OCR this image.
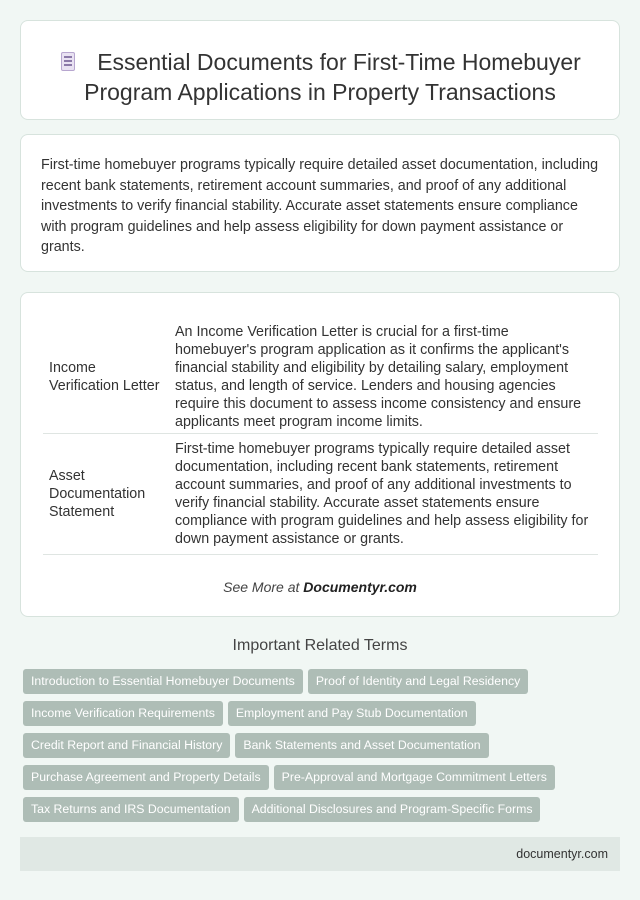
Essential Documents for First-Time Homebuyer Program Applications in Property Transactions

First-time homebuyer programs typically require detailed asset documentation, including recent bank statements, retirement account summaries, and proof of any additional investments to verify financial stability. Accurate asset statements ensure compliance with program guidelines and help assess eligibility for down payment assistance or grants.

Income Verification Letter	An Income Verification Letter is crucial for a first-time homebuyer's program application as it confirms the applicant's financial stability and eligibility by detailing salary, employment status, and length of service. Lenders and housing agencies require this document to assess income consistency and ensure applicants meet program income limits.
Asset Documentation Statement	First-time homebuyer programs typically require detailed asset documentation, including recent bank statements, retirement account summaries, and proof of any additional investments to verify financial stability. Accurate asset statements ensure compliance with program guidelines and help assess eligibility for down payment assistance or grants.
See More at Documentyr.com
Important Related Terms
Introduction to Essential Homebuyer Documents Proof of Identity and Legal Residency
Income Verification Requirements Employment and Pay Stub Documentation
Credit Report and Financial History Bank Statements and Asset Documentation
Purchase Agreement and Property Details Pre-Approval and Mortgage Commitment Letters
Tax Returns and IRS Documentation Additional Disclosures and Program-Specific Forms
documentyr.com
